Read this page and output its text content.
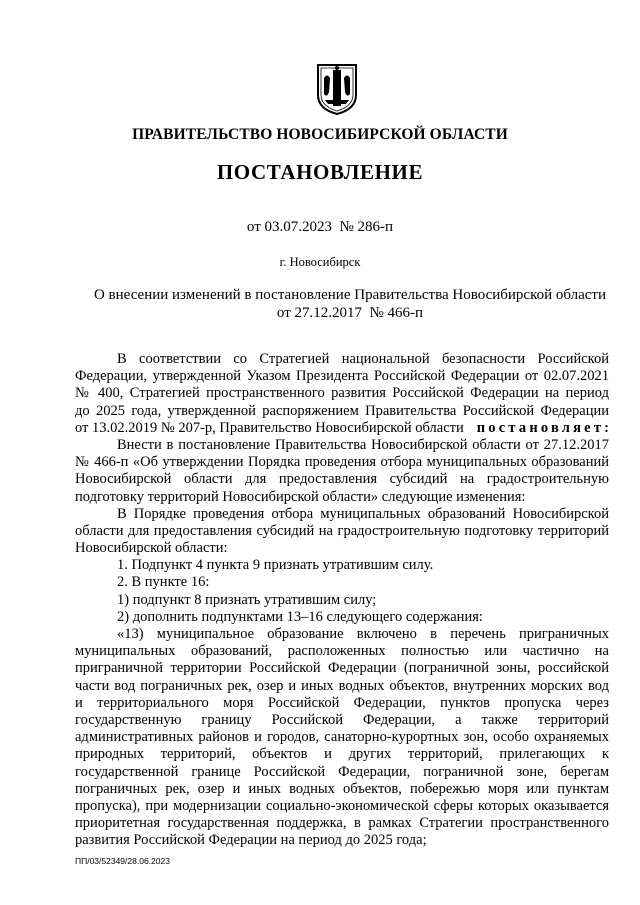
ПРАВИТЕЛЬСТВО НОВОСИБИРСКОЙ ОБЛАСТИ
ПОСТАНОВЛЕНИЕ
от 03.07.2023  № 286-п
г. Новосибирск
О внесении изменений в постановление Правительства Новосибирской области
от 27.12.2017  № 466-п
В соответствии со Стратегией национальной безопасности Российской
Федерации, утвержденной Указом Президента Российской Федерации от 02.07.2021
№ 400, Стратегией пространственного развития Российской Федерации на период
до 2025 года, утвержденной распоряжением Правительства Российской Федерации
от 13.02.2019 № 207-р, Правительство Новосибирской области постановляет:
Внести в постановление Правительства Новосибирской области от 27.12.2017
№ 466-п «Об утверждении Порядка проведения отбора муниципальных образований
Новосибирской области для предоставления субсидий на градостроительную
подготовку территорий Новосибирской области» следующие изменения:
В Порядке проведения отбора муниципальных образований Новосибирской
области для предоставления субсидий на градостроительную подготовку территорий
Новосибирской области:
1. Подпункт 4 пункта 9 признать утратившим силу.
2. В пункте 16:
1) подпункт 8 признать утратившим силу;
2) дополнить подпунктами 13–16 следующего содержания:
«13) муниципальное образование включено в перечень приграничных
муниципальных образований, расположенных полностью или частично на
приграничной территории Российской Федерации (пограничной зоны, российской
части вод пограничных рек, озер и иных водных объектов, внутренних морских вод
и территориального моря Российской Федерации, пунктов пропуска через
государственную границу Российской Федерации, а также территорий
административных районов и городов, санаторно-курортных зон, особо охраняемых
природных территорий, объектов и других территорий, прилегающих к
государственной границе Российской Федерации, пограничной зоне, берегам
пограничных рек, озер и иных водных объектов, побережью моря или пунктам
пропуска), при модернизации социально-экономической сферы которых оказывается
приоритетная государственная поддержка, в рамках Стратегии пространственного
развития Российской Федерации на период до 2025 года;
ПП/03/52349/28.06.2023
